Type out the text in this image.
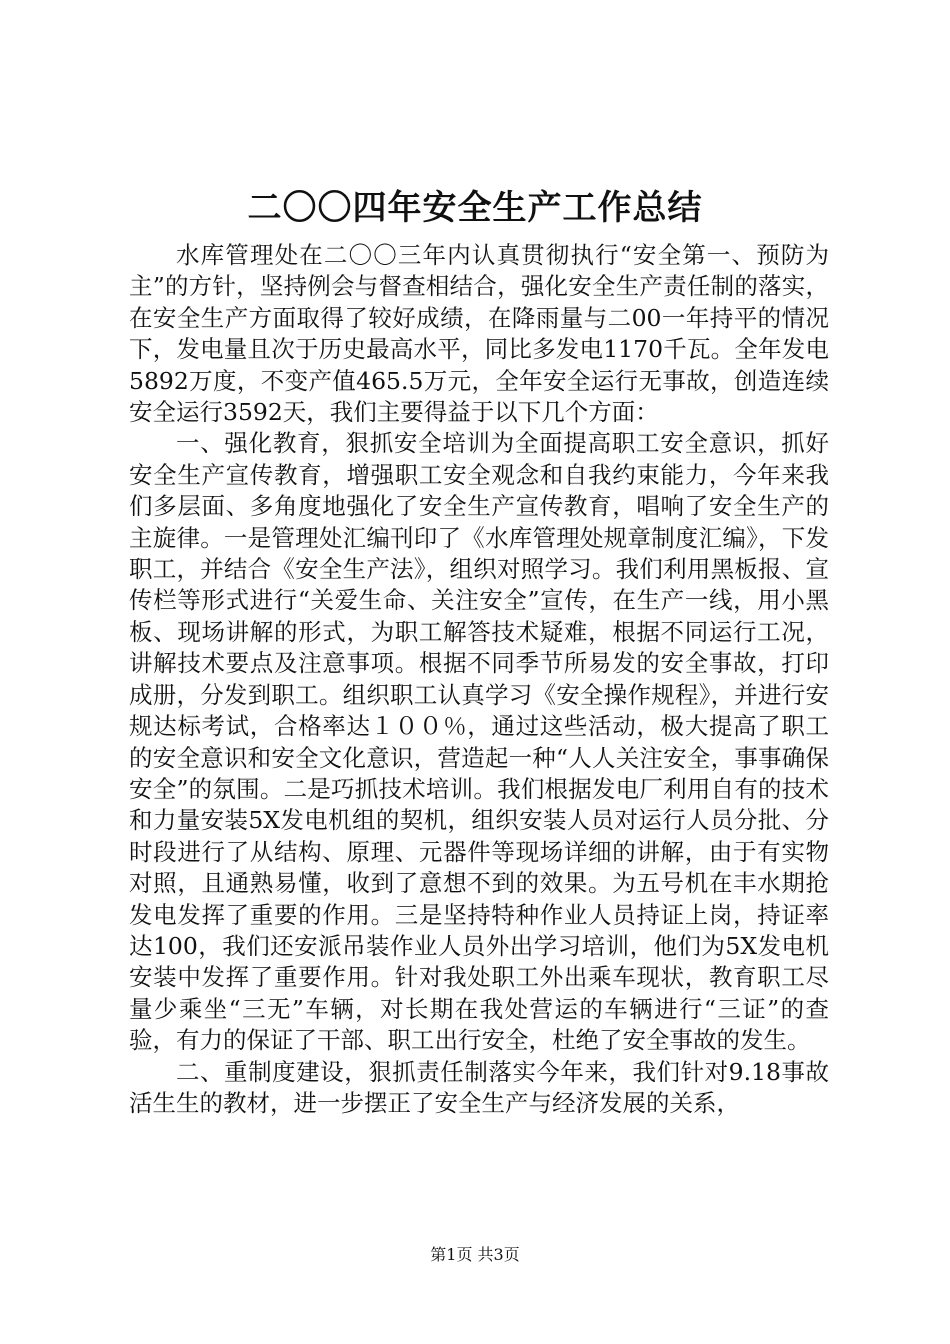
二〇〇四年安全生产工作总结

水库管理处在二〇〇三年内认真贯彻执行“安全第一、预防为主”的方针，坚持例会与督查相结合，强化安全生产责任制的落实，在安全生产方面取得了较好成绩，在降雨量与二00一年持平的情况下，发电量且次于历史最高水平，同比多发电1170千瓦。全年发电5892万度，不变产值465.5万元，全年安全运行无事故，创造连续安全运行3592天，我们主要得益于以下几个方面：

一、强化教育，狠抓安全培训为全面提高职工安全意识，抓好安全生产宣传教育，增强职工安全观念和自我约束能力，今年来我们多层面、多角度地强化了安全生产宣传教育，唱响了安全生产的主旋律。一是管理处汇编刊印了《水库管理处规章制度汇编》，下发职工，并结合《安全生产法》，组织对照学习。我们利用黑板报、宣传栏等形式进行“关爱生命、关注安全”宣传，在生产一线，用小黑板、现场讲解的形式，为职工解答技术疑难，根据不同运行工况，讲解技术要点及注意事项。根据不同季节所易发的安全事故，打印成册，分发到职工。组织职工认真学习《安全操作规程》，并进行安规达标考试，合格率达１００％，通过这些活动，极大提高了职工的安全意识和安全文化意识，营造起一种“人人关注安全，事事确保安全”的氛围。二是巧抓技术培训。我们根据发电厂利用自有的技术和力量安装5X发电机组的契机，组织安装人员对运行人员分批、分时段进行了从结构、原理、元器件等现场详细的讲解，由于有实物对照，且通熟易懂，收到了意想不到的效果。为五号机在丰水期抢发电发挥了重要的作用。三是坚持特种作业人员持证上岗，持证率达100，我们还安派吊装作业人员外出学习培训，他们为5X发电机安装中发挥了重要作用。针对我处职工外出乘车现状，教育职工尽量少乘坐“三无”车辆，对长期在我处营运的车辆进行“三证”的查验，有力的保证了干部、职工出行安全，杜绝了安全事故的发生。

二、重制度建设，狠抓责任制落实今年来，我们针对9.18事故活生生的教材，进一步摆正了安全生产与经济发展的关系，

第1页 共3页
